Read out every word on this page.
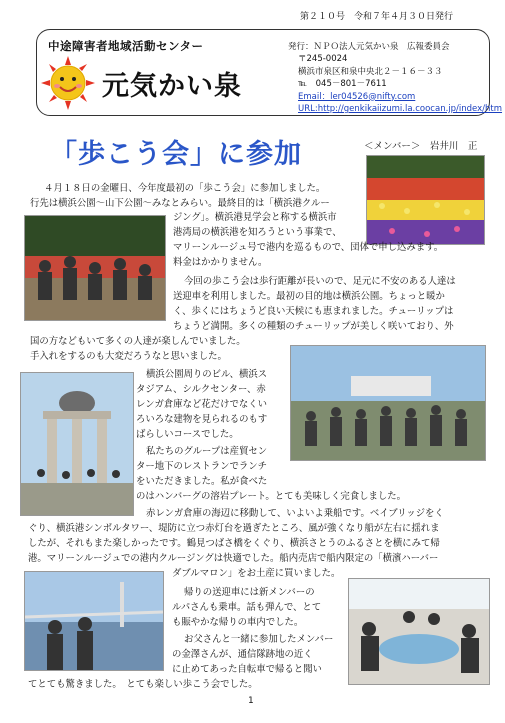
第２１０号　令和７年４月３０日発行
中途障害者地域活動センター
元気かい泉
発行：ＮＰＯ法人元気かい泉　広報委員会
〒245-0024
横浜市泉区和泉中央北２－１６－３３
℡　045－801－7611
Email：ler04526@nifty.com
URL:http://genkikaiizumi.la.coocan.jp/index/htm
「歩こう会」に参加	＜メンバー＞　岩井川　正
４月１８日の金曜日、今年度最初の「歩こう会」に参加しました。
行先は横浜公園～山下公園～みなとみらい。最終目的は「横浜港クルー
ジング」。横浜港見学会と称する横浜市
港湾局の横浜港を知ろうという事業で、
マリーンルージュ号で港内を巡るもので、団体で申し込みます。
料金はかかりません。
今回の歩こう会は歩行距離が長いので、足元に不安のある人達は
送迎車を利用しました。最初の目的地は横浜公園。ちょっと暖か
く、歩くにはちょうど良い天候にも恵まれました。チューリップは
ちょうど満開。多くの種類のチューリップが美しく咲いており、外
国の方などもいて多くの人達が楽しんでいました。
手入れをするのも大変だろうなと思いました。
横浜公園周りのビル、横浜ス
タジアム、シルクセンター、赤
レンガ倉庫など花だけでなくい
ろいろな建物を見られるのもす
ばらしいコースでした。
私たちのグループは産貿セン
ター地下のレストランでランチ
をいただきました。私が食べた
のはハンバーグの溶岩プレート。とても美味しく完食しました。
赤レンガ倉庫の海辺に移動して、いよいよ乗船です。ベイブリッジをく
ぐり、横浜港シンボルタワー、堤防に立つ赤灯台を過ぎたところ、風が強くなり船が左右に揺れま
したが、それもまた楽しかったです。鶴見つばさ橋をくぐり、横浜さとうのふるさとを横にみて帰
港。マリーンルージュでの港内クルージングは快適でした。船内売店で船内限定の「横濱ハーバー
ダブルマロン」をお土産に買いました。
帰りの送迎車には新メンバーの
ルパさんも乗車。話も弾んで、とて
も賑やかな帰りの車内でした。
お父さんと一緒に参加したメンバー
の金澤さんが、通信隊跡地の近く
に止めてあった自転車で帰ると聞い
てとても驚きました。　とても楽しい歩こう会でした。
1
